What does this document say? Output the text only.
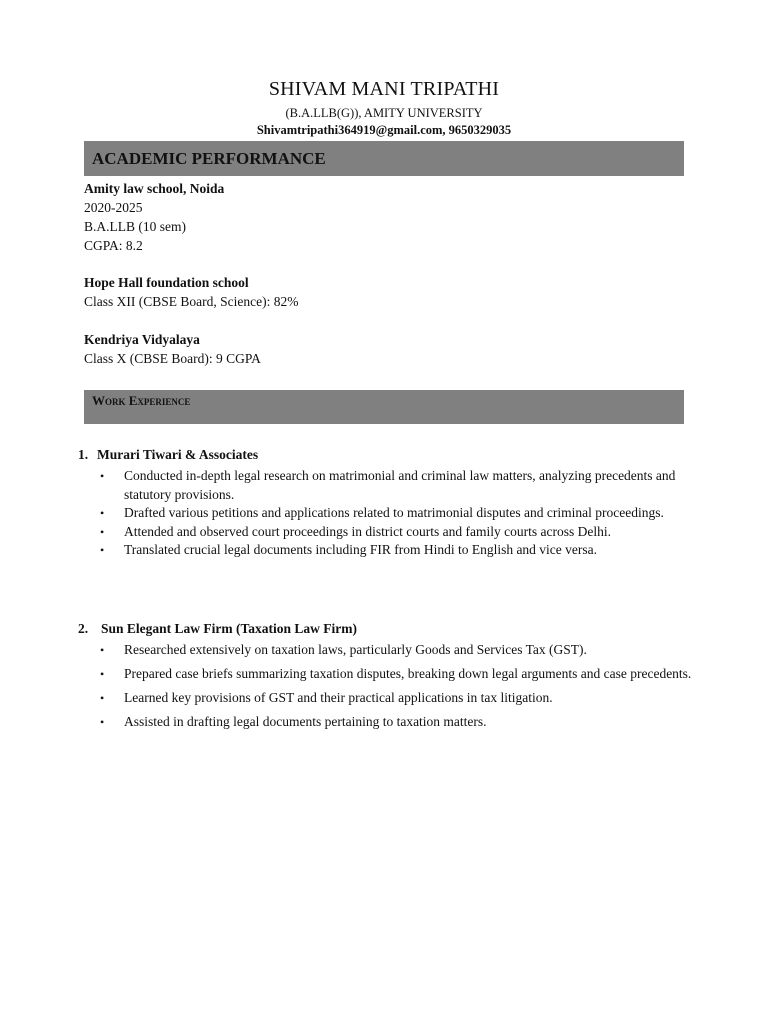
SHIVAM MANI TRIPATHI
(B.A.LLB(G)), AMITY UNIVERSITY
Shivamtripathi364919@gmail.com, 9650329035
ACADEMIC PERFORMANCE
Amity law school, Noida
2020-2025
B.A.LLB (10 sem)
CGPA: 8.2
Hope Hall foundation school
Class XII (CBSE Board, Science): 82%
Kendriya Vidyalaya
Class X (CBSE Board): 9 CGPA
Work Experience
1. Murari Tiwari & Associates
• Conducted in-depth legal research on matrimonial and criminal law matters, analyzing precedents and statutory provisions.
• Drafted various petitions and applications related to matrimonial disputes and criminal proceedings.
• Attended and observed court proceedings in district courts and family courts across Delhi.
• Translated crucial legal documents including FIR from Hindi to English and vice versa.
2. Sun Elegant Law Firm (Taxation Law Firm)
• Researched extensively on taxation laws, particularly Goods and Services Tax (GST).
• Prepared case briefs summarizing taxation disputes, breaking down legal arguments and case precedents.
• Learned key provisions of GST and their practical applications in tax litigation.
• Assisted in drafting legal documents pertaining to taxation matters.
